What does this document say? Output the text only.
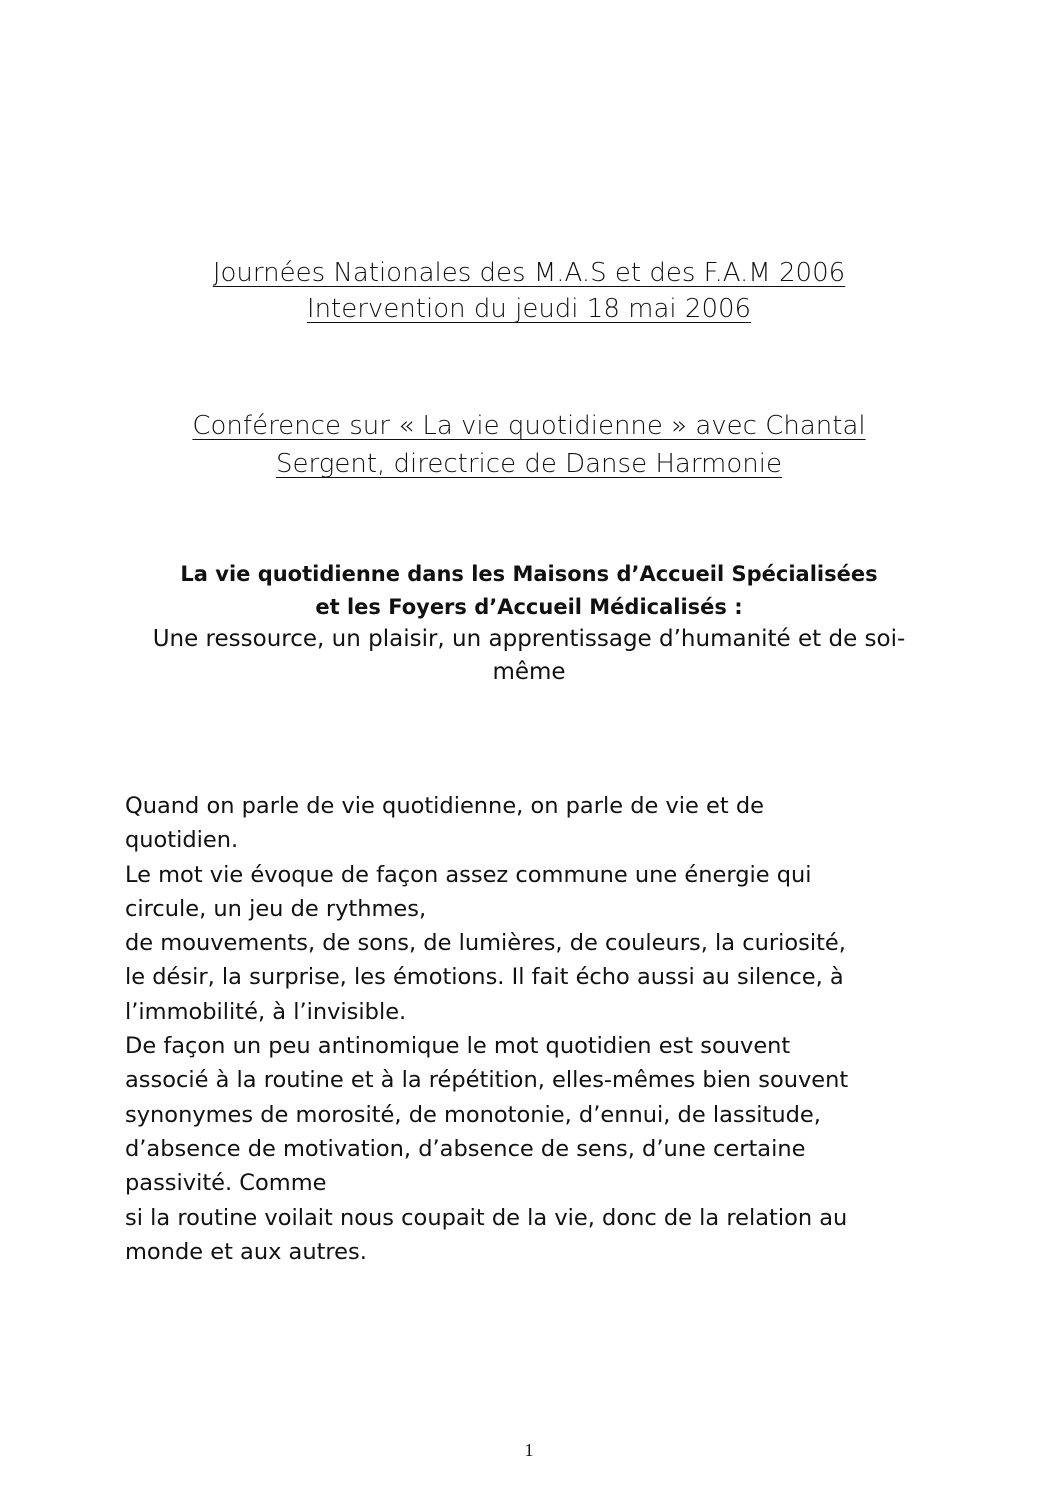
Journées Nationales des M.A.S et des F.A.M 2006
Intervention du jeudi 18 mai 2006
Conférence sur « La vie quotidienne » avec Chantal
Sergent, directrice de Danse Harmonie
La vie quotidienne dans les Maisons d’Accueil Spécialisées
et les Foyers d’Accueil Médicalisés :
Une ressource, un plaisir, un apprentissage d’humanité et de soi-
même
Quand on parle de vie quotidienne, on parle de vie et de
quotidien.
Le mot vie évoque de façon assez commune une énergie qui
circule, un jeu de rythmes,
de mouvements, de sons, de lumières, de couleurs, la curiosité,
le désir, la surprise, les émotions. Il fait écho aussi au silence, à
l’immobilité, à l’invisible.
De façon un peu antinomique le mot quotidien est souvent
associé à la routine et à la répétition, elles-mêmes bien souvent
synonymes de morosité, de monotonie, d’ennui, de lassitude,
d’absence de motivation, d’absence de sens, d’une certaine
passivité. Comme
si la routine voilait nous coupait de la vie, donc de la relation au
monde et aux autres.
1
